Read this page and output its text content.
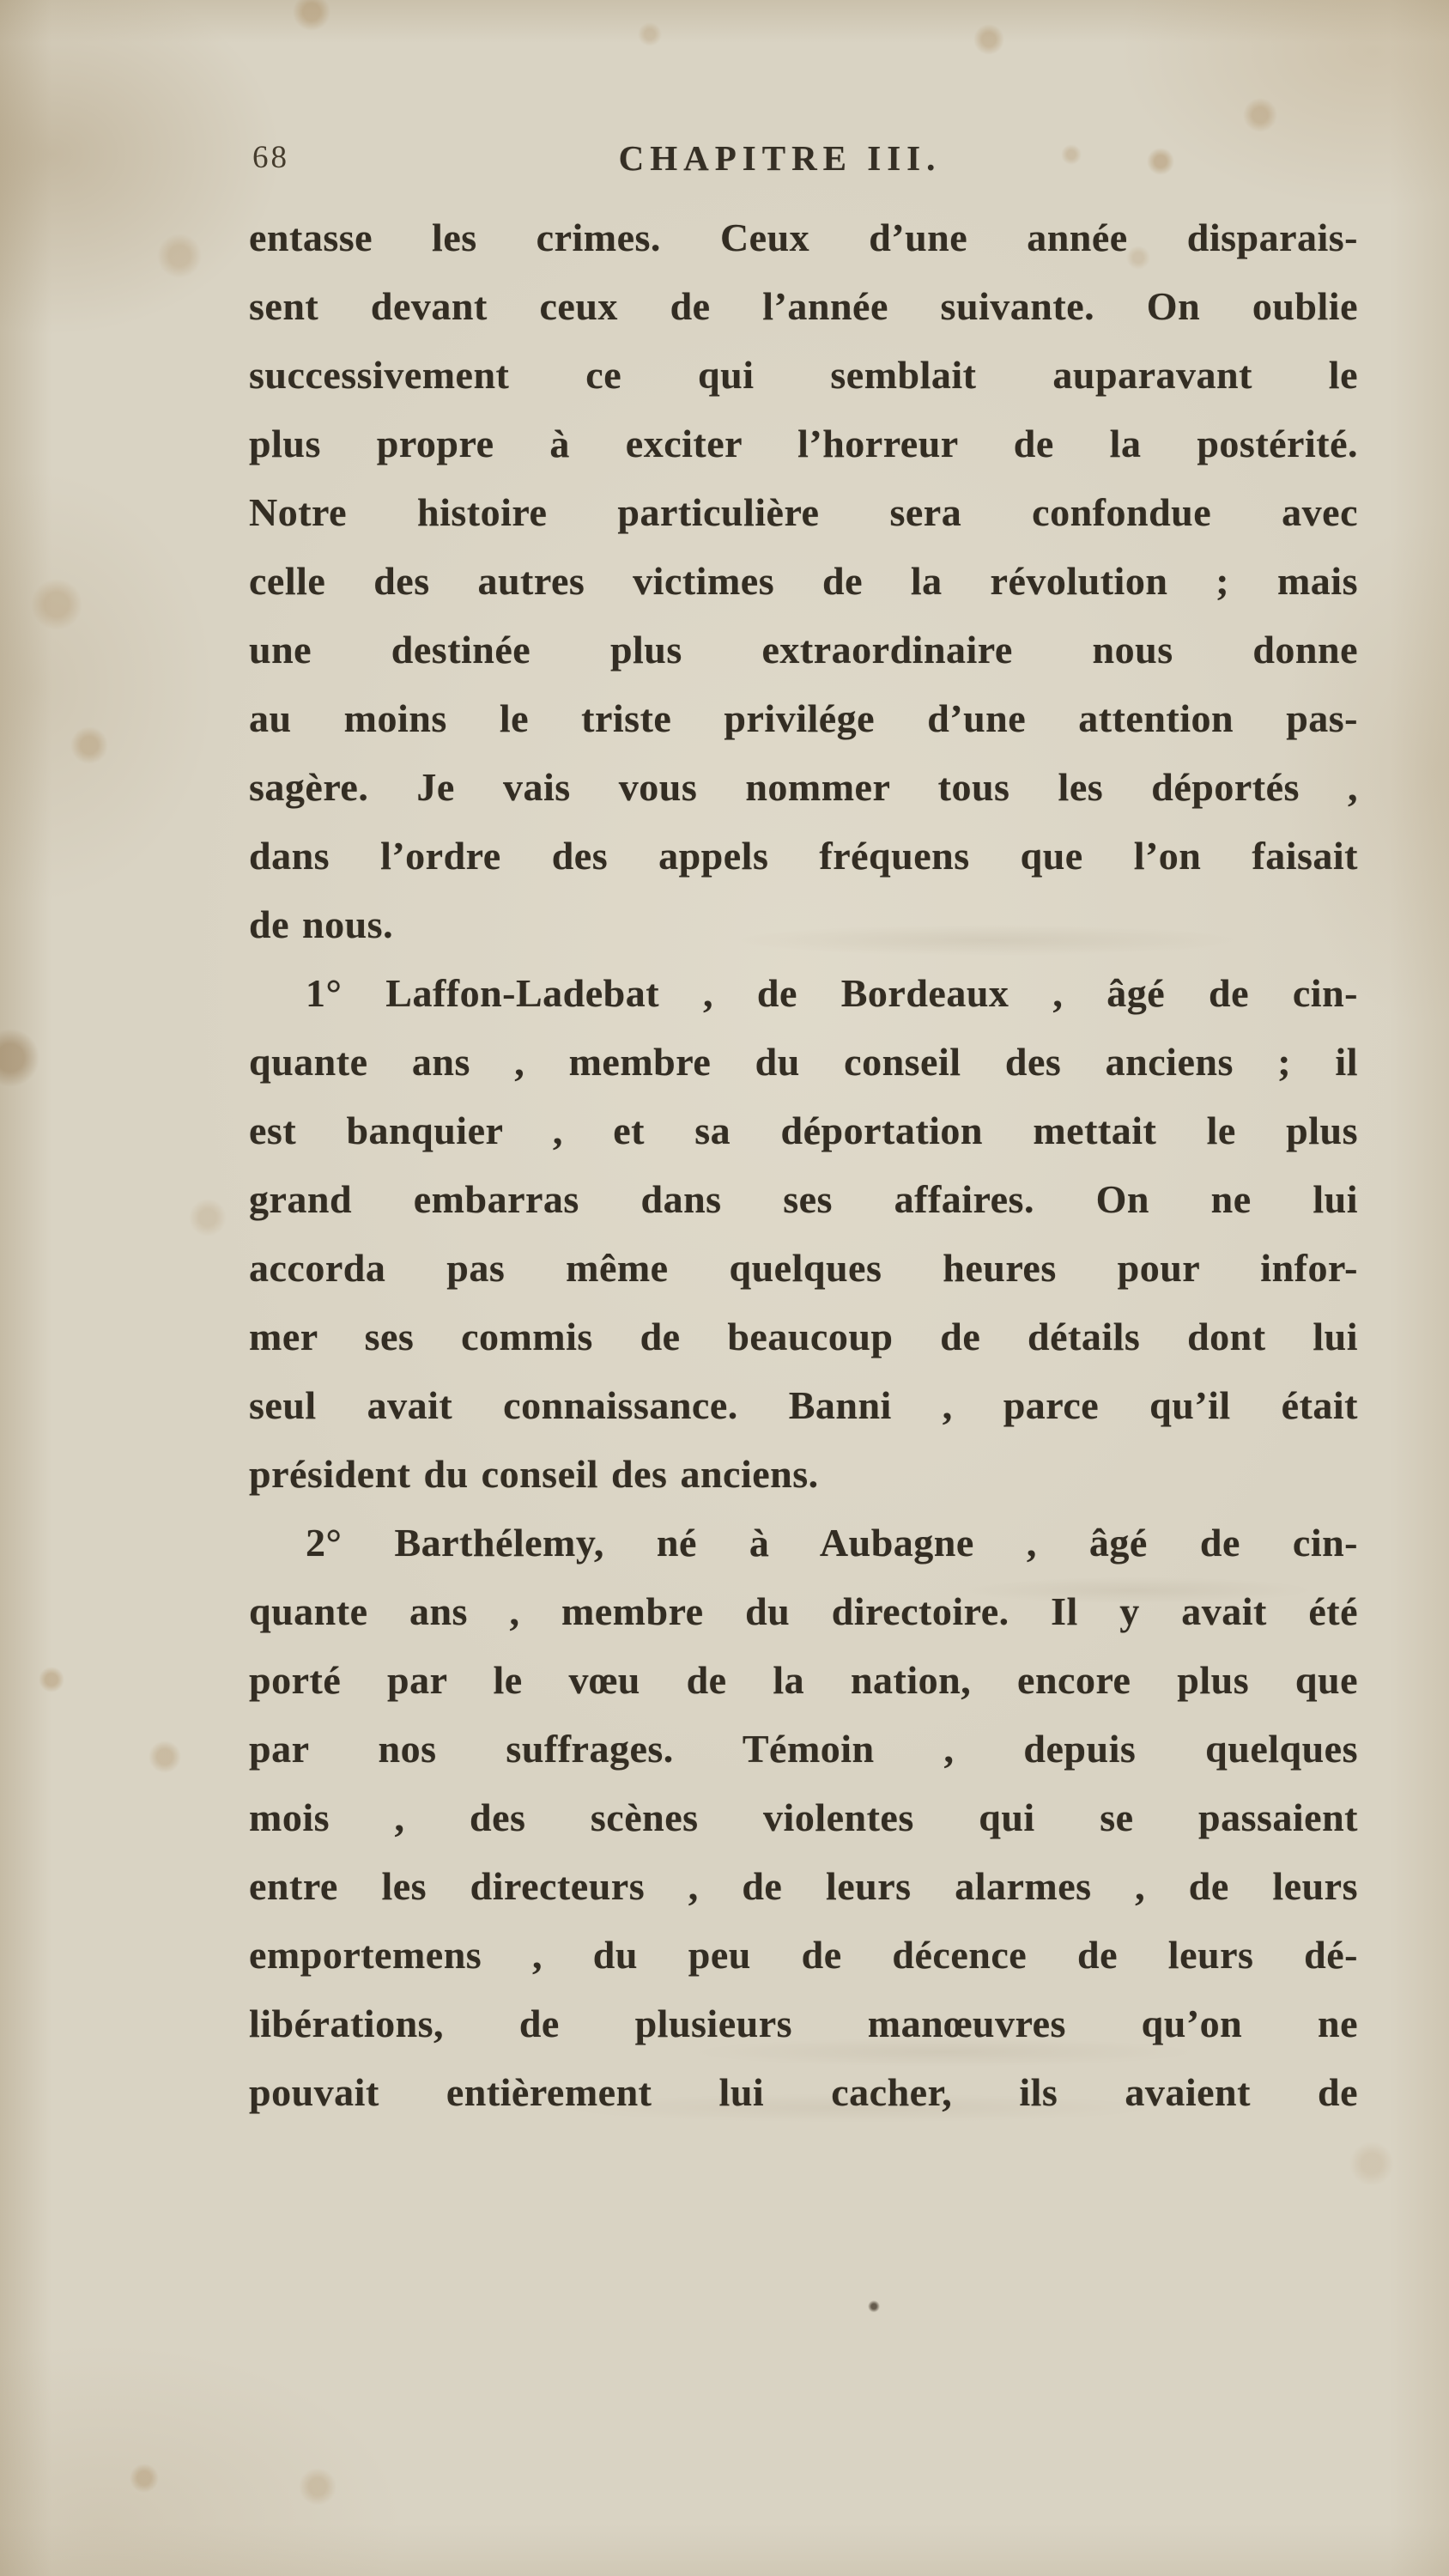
68	CHAPITRE III.
entasse les crimes. Ceux d’une année disparais-
sent devant ceux de l’année suivante. On oublie
successivement ce qui semblait auparavant le
plus propre à exciter l’horreur de la postérité.
Notre histoire particulière sera confondue avec
celle des autres victimes de la révolution ; mais
une destinée plus extraordinaire nous donne
au moins le triste privilége d’une attention pas-
sagère. Je vais vous nommer tous les déportés ,
dans l’ordre des appels fréquens que l’on faisait
de nous.
1° Laffon-Ladebat , de Bordeaux , âgé de cin-
quante ans , membre du conseil des anciens ; il
est banquier , et sa déportation mettait le plus
grand embarras dans ses affaires. On ne lui
accorda pas même quelques heures pour infor-
mer ses commis de beaucoup de détails dont lui
seul avait connaissance. Banni , parce qu’il était
président du conseil des anciens.
2° Barthélemy, né à Aubagne , âgé de cin-
quante ans , membre du directoire. Il y avait été
porté par le vœu de la nation, encore plus que
par nos suffrages. Témoin , depuis quelques
mois , des scènes violentes qui se passaient
entre les directeurs , de leurs alarmes , de leurs
emportemens , du peu de décence de leurs dé-
libérations, de plusieurs manœuvres qu’on ne
pouvait entièrement lui cacher, ils avaient de
